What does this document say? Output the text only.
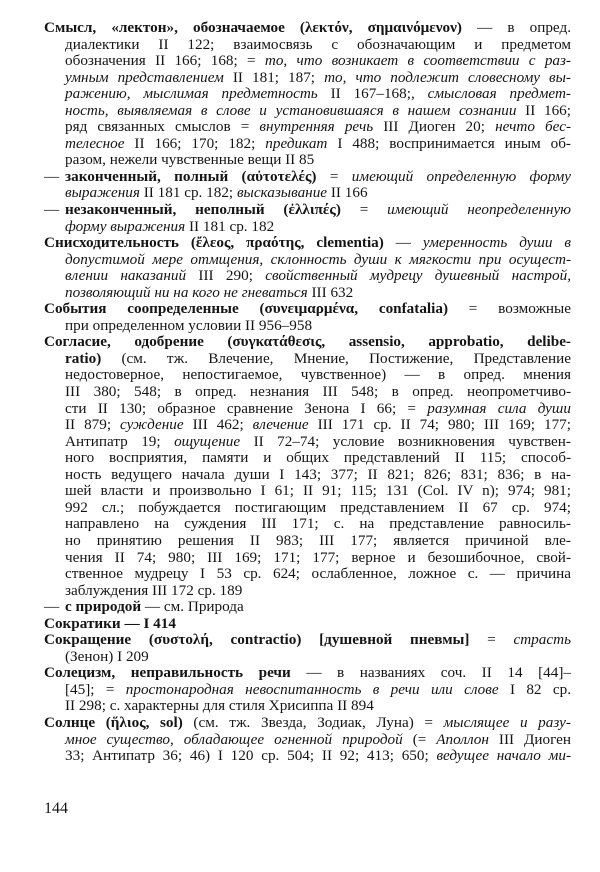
Смысл, «лектон», обозначаемое (λεκτόν, σημαινόμενον) — в опред.
диалектики II 122; взаимосвязь с обозначающим и предметом
обозначения II 166; 168; = то, что возникает в соответствии с раз-
умным представлением II 181; 187; то, что подлежит словесному вы-
ражению, мыслимая предметность II 167–168;, смысловая предмет-
ность, выявляемая в слове и установившаяся в нашем сознании II 166;
ряд связанных смыслов = внутренняя речь III Диоген 20; нечто бес-
телесное II 166; 170; 182; предикат I 488; воспринимается иным об-
разом, нежели чувственные вещи II 85
— законченный, полный (αὐτοτελές) = имеющий определенную форму
выражения II 181 ср. 182; высказывание II 166
— незаконченный, неполный (ἐλλιπές) = имеющий неопределенную
форму выражения II 181 ср. 182
Снисходительность (ἔλεος, πραότης, clementia) — умеренность души в
допустимой мере отмщения, склонность души к мягкости при осущест-
влении наказаний III 290; свойственный мудрецу душевный настрой,
позволяющий ни на кого не гневаться III 632
События соопределенные (συνειμαρμένα, confatalia) = возможные
при определенном условии II 956–958
Согласие, одобрение (συγκατάθεσις, assensio, approbatio, delibe-
ratio) (см. тж. Влечение, Мнение, Постижение, Представление
недостоверное, непостигаемое, чувственное) — в опред. мнения
III 380; 548; в опред. незнания III 548; в опред. неопрометчиво-
сти II 130; образное сравнение Зенона I 66; = разумная сила души
II 879; суждение III 462; влечение III 171 ср. II 74; 980; III 169; 177;
Антипатр 19; ощущение II 72–74; условие возникновения чувствен-
ного восприятия, памяти и общих представлений II 115; способ-
ность ведущего начала души I 143; 377; II 821; 826; 831; 836; в на-
шей власти и произвольно I 61; II 91; 115; 131 (Col. IV n); 974; 981;
992 сл.; побуждается постигающим представлением II 67 ср. 974;
направлено на суждения III 171; с. на представление равносиль-
но принятию решения II 983; III 177; является причиной вле-
чения II 74; 980; III 169; 171; 177; верное и безошибочное, свой-
ственное мудрецу I 53 ср. 624; ослабленное, ложное с. — причина
заблуждения III 172 ср. 189
— с природой — см. Природа
Сократики — I 414
Сокращение (συστολή, contractio) [душевной пневмы] = страсть
(Зенон) I 209
Солецизм, неправильность речи — в названиях соч. II 14 [44]–
[45]; = простонародная невоспитанность в речи или слове I 82 ср.
II 298; с. характерны для стиля Хрисиппа II 894
Солнце (ἥλιος, sol) (см. тж. Звезда, Зодиак, Луна) = мыслящее и разу-
мное существо, обладающее огненной природой (= Аполлон III Диоген
33; Антипатр 36; 46) I 120 ср. 504; II 92; 413; 650; ведущее начало ми-
144
